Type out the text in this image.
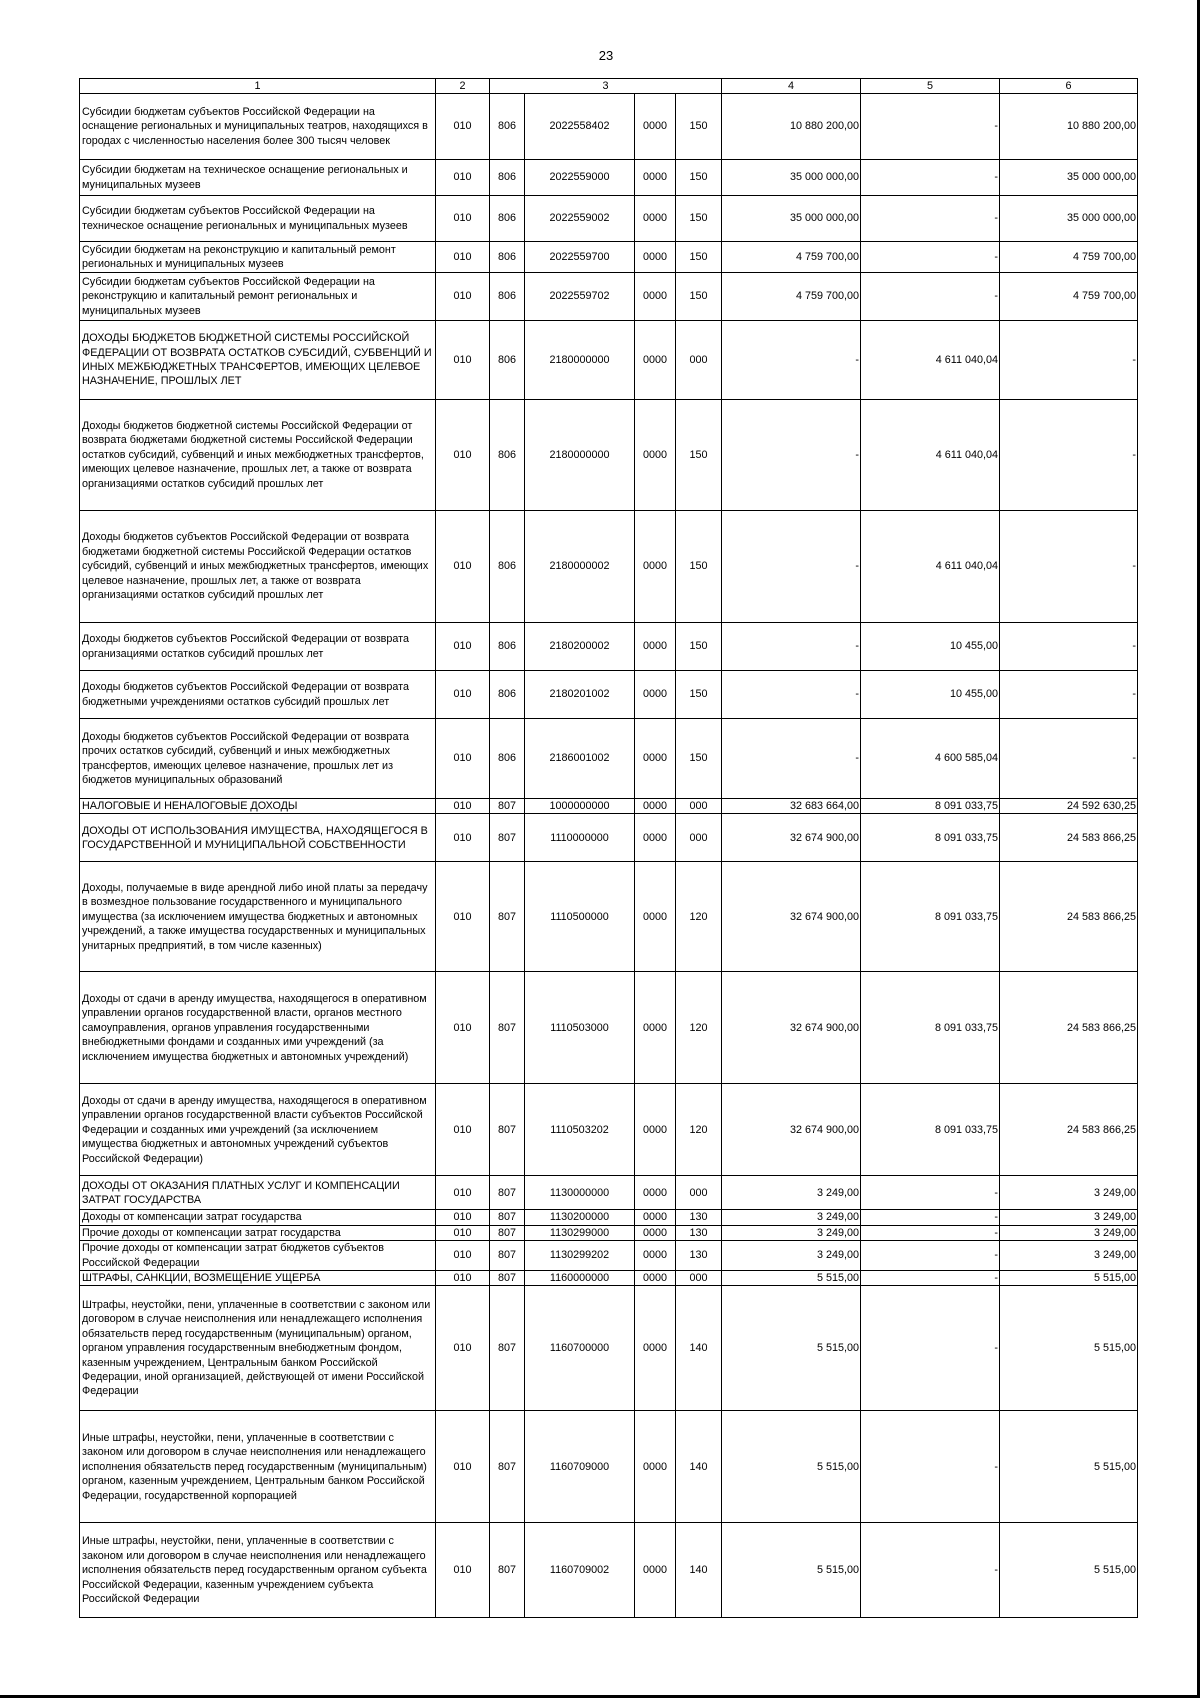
23
1	2	3				4	5	6
Субсидии бюджетам субъектов Российской Федерации на оснащение региональных и муниципальных театров, находящихся в городах с численностью населения более 300 тысяч человек	010	806	2022558402	0000	150	10 880 200,00	-	10 880 200,00
Субсидии бюджетам на техническое оснащение региональных и муниципальных музеев	010	806	2022559000	0000	150	35 000 000,00	-	35 000 000,00
Субсидии бюджетам субъектов Российской Федерации на техническое оснащение региональных и муниципальных музеев	010	806	2022559002	0000	150	35 000 000,00	-	35 000 000,00
Субсидии бюджетам на реконструкцию и капитальный ремонт региональных и муниципальных музеев	010	806	2022559700	0000	150	4 759 700,00	-	4 759 700,00
Субсидии бюджетам субъектов Российской Федерации на реконструкцию и капитальный ремонт региональных и муниципальных музеев	010	806	2022559702	0000	150	4 759 700,00	-	4 759 700,00
ДОХОДЫ БЮДЖЕТОВ БЮДЖЕТНОЙ СИСТЕМЫ РОССИЙСКОЙ ФЕДЕРАЦИИ ОТ ВОЗВРАТА ОСТАТКОВ СУБСИДИЙ, СУБВЕНЦИЙ И ИНЫХ МЕЖБЮДЖЕТНЫХ ТРАНСФЕРТОВ, ИМЕЮЩИХ ЦЕЛЕВОЕ НАЗНАЧЕНИЕ, ПРОШЛЫХ ЛЕТ	010	806	2180000000	0000	000	-	4 611 040,04	-
Доходы бюджетов бюджетной системы Российской Федерации от возврата бюджетами бюджетной системы Российской Федерации остатков субсидий, субвенций и иных межбюджетных трансфертов, имеющих целевое назначение, прошлых лет, а также от возврата организациями остатков субсидий прошлых лет	010	806	2180000000	0000	150	-	4 611 040,04	-
Доходы бюджетов субъектов Российской Федерации от возврата бюджетами бюджетной системы Российской Федерации остатков субсидий, субвенций и иных межбюджетных трансфертов, имеющих целевое назначение, прошлых лет, а также от возврата организациями остатков субсидий прошлых лет	010	806	2180000002	0000	150	-	4 611 040,04	-
Доходы бюджетов субъектов Российской Федерации от возврата организациями остатков субсидий прошлых лет	010	806	2180200002	0000	150	-	10 455,00	-
Доходы бюджетов субъектов Российской Федерации от возврата бюджетными учреждениями остатков субсидий прошлых лет	010	806	2180201002	0000	150	-	10 455,00	-
Доходы бюджетов субъектов Российской Федерации от возврата прочих остатков субсидий, субвенций и иных межбюджетных трансфертов, имеющих целевое назначение, прошлых лет из бюджетов муниципальных образований	010	806	2186001002	0000	150	-	4 600 585,04	-
НАЛОГОВЫЕ И НЕНАЛОГОВЫЕ ДОХОДЫ	010	807	1000000000	0000	000	32 683 664,00	8 091 033,75	24 592 630,25
ДОХОДЫ ОТ ИСПОЛЬЗОВАНИЯ ИМУЩЕСТВА, НАХОДЯЩЕГОСЯ В ГОСУДАРСТВЕННОЙ И МУНИЦИПАЛЬНОЙ СОБСТВЕННОСТИ	010	807	1110000000	0000	000	32 674 900,00	8 091 033,75	24 583 866,25
Доходы, получаемые в виде арендной либо иной платы за передачу в возмездное пользование государственного и муниципального имущества (за исключением имущества бюджетных и автономных учреждений, а также имущества государственных и муниципальных унитарных предприятий, в том числе казенных)	010	807	1110500000	0000	120	32 674 900,00	8 091 033,75	24 583 866,25
Доходы от сдачи в аренду имущества, находящегося в оперативном управлении органов государственной власти, органов местного самоуправления, органов управления государственными внебюджетными фондами и созданных ими учреждений (за исключением имущества бюджетных и автономных учреждений)	010	807	1110503000	0000	120	32 674 900,00	8 091 033,75	24 583 866,25
Доходы от сдачи в аренду имущества, находящегося в оперативном управлении органов государственной власти субъектов Российской Федерации и созданных ими учреждений (за исключением имущества бюджетных и автономных учреждений субъектов Российской Федерации)	010	807	1110503202	0000	120	32 674 900,00	8 091 033,75	24 583 866,25
ДОХОДЫ ОТ ОКАЗАНИЯ ПЛАТНЫХ УСЛУГ И КОМПЕНСАЦИИ ЗАТРАТ ГОСУДАРСТВА	010	807	1130000000	0000	000	3 249,00	-	3 249,00
Доходы от компенсации затрат государства	010	807	1130200000	0000	130	3 249,00	-	3 249,00
Прочие доходы от компенсации затрат государства	010	807	1130299000	0000	130	3 249,00	-	3 249,00
Прочие доходы от компенсации затрат бюджетов субъектов Российской Федерации	010	807	1130299202	0000	130	3 249,00	-	3 249,00
ШТРАФЫ, САНКЦИИ, ВОЗМЕЩЕНИЕ УЩЕРБА	010	807	1160000000	0000	000	5 515,00	-	5 515,00
Штрафы, неустойки, пени, уплаченные в соответствии с законом или договором в случае неисполнения или ненадлежащего исполнения обязательств перед государственным (муниципальным) органом, органом управления государственным внебюджетным фондом, казенным учреждением, Центральным банком Российской Федерации, иной организацией, действующей от имени Российской Федерации	010	807	1160700000	0000	140	5 515,00	-	5 515,00
Иные штрафы, неустойки, пени, уплаченные в соответствии с законом или договором в случае неисполнения или ненадлежащего исполнения обязательств перед государственным (муниципальным) органом, казенным учреждением, Центральным банком Российской Федерации, государственной корпорацией	010	807	1160709000	0000	140	5 515,00	-	5 515,00
Иные штрафы, неустойки, пени, уплаченные в соответствии с законом или договором в случае неисполнения или ненадлежащего исполнения обязательств перед государственным органом субъекта Российской Федерации, казенным учреждением субъекта Российской Федерации	010	807	1160709002	0000	140	5 515,00	-	5 515,00
